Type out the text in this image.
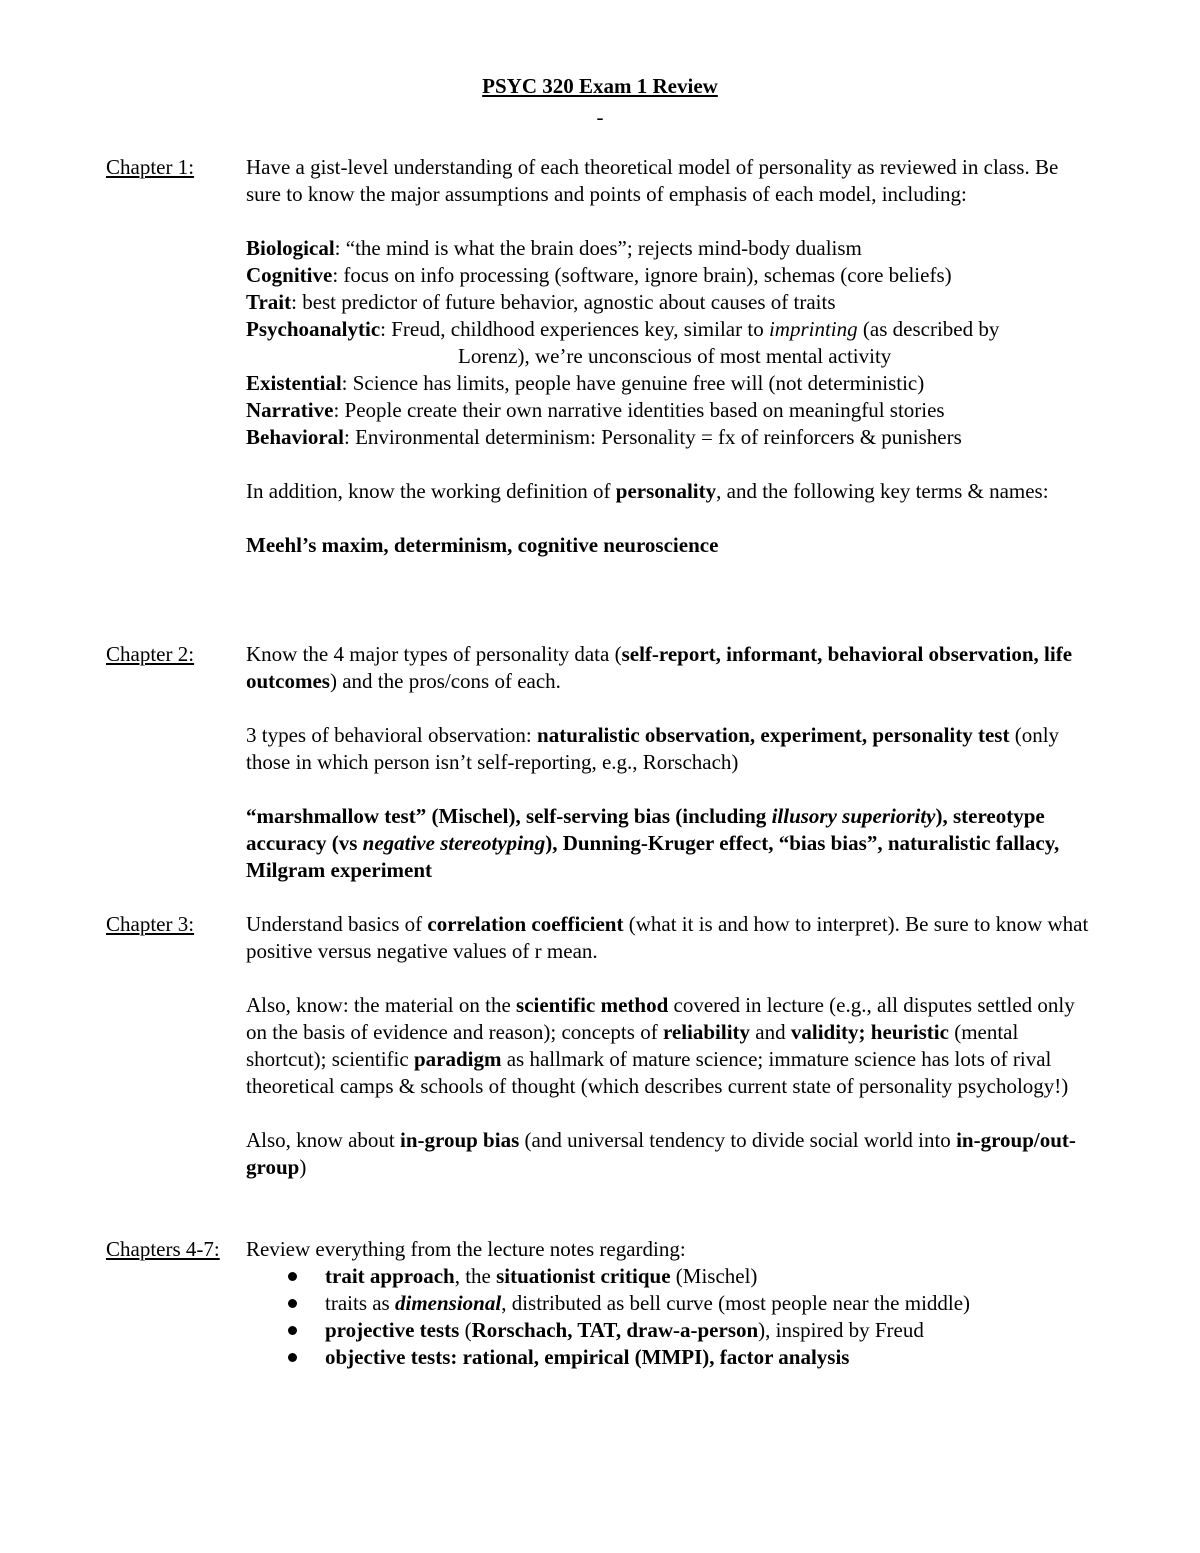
PSYC 320 Exam 1 Review
-
Chapter 1: Have a gist-level understanding of each theoretical model of personality as reviewed in class. Be sure to know the major assumptions and points of emphasis of each model, including:

Biological: “the mind is what the brain does”; rejects mind-body dualism

Cognitive: focus on info processing (software, ignore brain), schemas (core beliefs)

Trait: best predictor of future behavior, agnostic about causes of traits

Psychoanalytic: Freud, childhood experiences key, similar to imprinting (as described by

Lorenz), we’re unconscious of most mental activity

Existential: Science has limits, people have genuine free will (not deterministic)

Narrative: People create their own narrative identities based on meaningful stories

Behavioral: Environmental determinism: Personality = fx of reinforcers & punishers

In addition, know the working definition of personality, and the following key terms & names:

Meehl’s maxim, determinism, cognitive neuroscience

Chapter 2: Know the 4 major types of personality data (self-report, informant, behavioral observation, life outcomes) and the pros/cons of each.

3 types of behavioral observation: naturalistic observation, experiment, personality test (only those in which person isn’t self-reporting, e.g., Rorschach)

“marshmallow test” (Mischel), self-serving bias (including illusory superiority), stereotype accuracy (vs negative stereotyping), Dunning-Kruger effect, “bias bias”, naturalistic fallacy, Milgram experiment

Chapter 3: Understand basics of correlation coefficient (what it is and how to interpret). Be sure to know what positive versus negative values of r mean.

Also, know: the material on the scientific method covered in lecture (e.g., all disputes settled only on the basis of evidence and reason); concepts of reliability and validity; heuristic (mental shortcut); scientific paradigm as hallmark of mature science; immature science has lots of rival theoretical camps & schools of thought (which describes current state of personality psychology!)

Also, know about in-group bias (and universal tendency to divide social world into in-group/out-group)

Chapters 4-7: Review everything from the lecture notes regarding:

trait approach, the situationist critique (Mischel)
traits as dimensional, distributed as bell curve (most people near the middle)
projective tests (Rorschach, TAT, draw-a-person), inspired by Freud
objective tests: rational, empirical (MMPI), factor analysis
